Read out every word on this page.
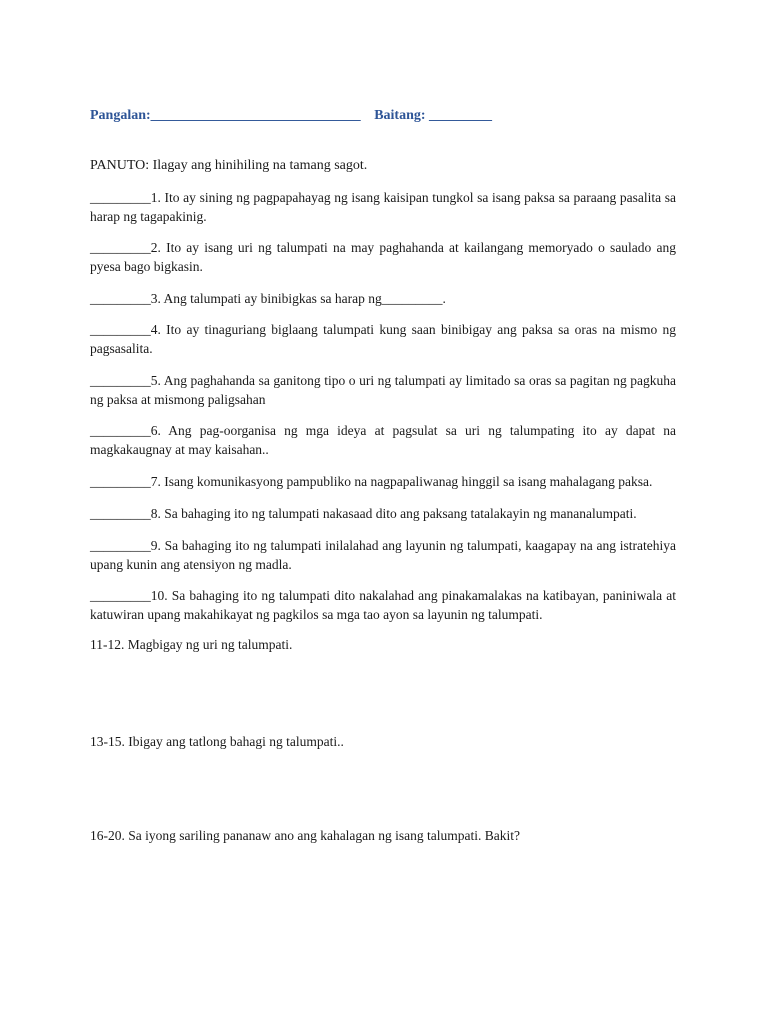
Pangalan:______________________________ Baitang: _________
PANUTO: Ilagay ang hinihiling na tamang sagot.
_________1. Ito ay sining ng pagpapahayag ng isang kaisipan tungkol sa isang paksa sa paraang pasalita sa harap ng tagapakinig.
_________2. Ito ay isang uri ng talumpati na may paghahanda at kailangang memoryado o saulado ang pyesa bago bigkasin.
_________3. Ang talumpati ay binibigkas sa harap ng_________.
_________4. Ito ay tinaguriang biglaang talumpati kung saan binibigay ang paksa sa oras na mismo ng pagsasalita.
_________5. Ang paghahanda sa ganitong tipo o uri ng talumpati ay limitado sa oras sa pagitan ng pagkuha ng paksa at mismong paligsahan
_________6. Ang pag-oorganisa ng mga ideya at pagsulat sa uri ng talumpating ito ay dapat na magkakaugnay at may kaisahan..
_________7. Isang komunikasyong pampubliko na nagpapaliwanag hinggil sa isang mahalagang paksa.
_________8. Sa bahaging ito ng talumpati nakasaad dito ang paksang tatalakayin ng mananalumpati.
_________9. Sa bahaging ito ng talumpati inilalahad ang layunin ng talumpati, kaagapay na ang istratehiya upang kunin ang atensiyon ng madla.
_________10. Sa bahaging ito ng talumpati dito nakalahad ang pinakamalakas na katibayan, paniniwala at katuwiran upang makahikayat ng pagkilos sa mga tao ayon sa layunin ng talumpati.
11-12. Magbigay ng uri ng talumpati.
13-15. Ibigay ang tatlong bahagi ng talumpati..
16-20. Sa iyong sariling pananaw ano ang kahalagan ng isang talumpati. Bakit?
